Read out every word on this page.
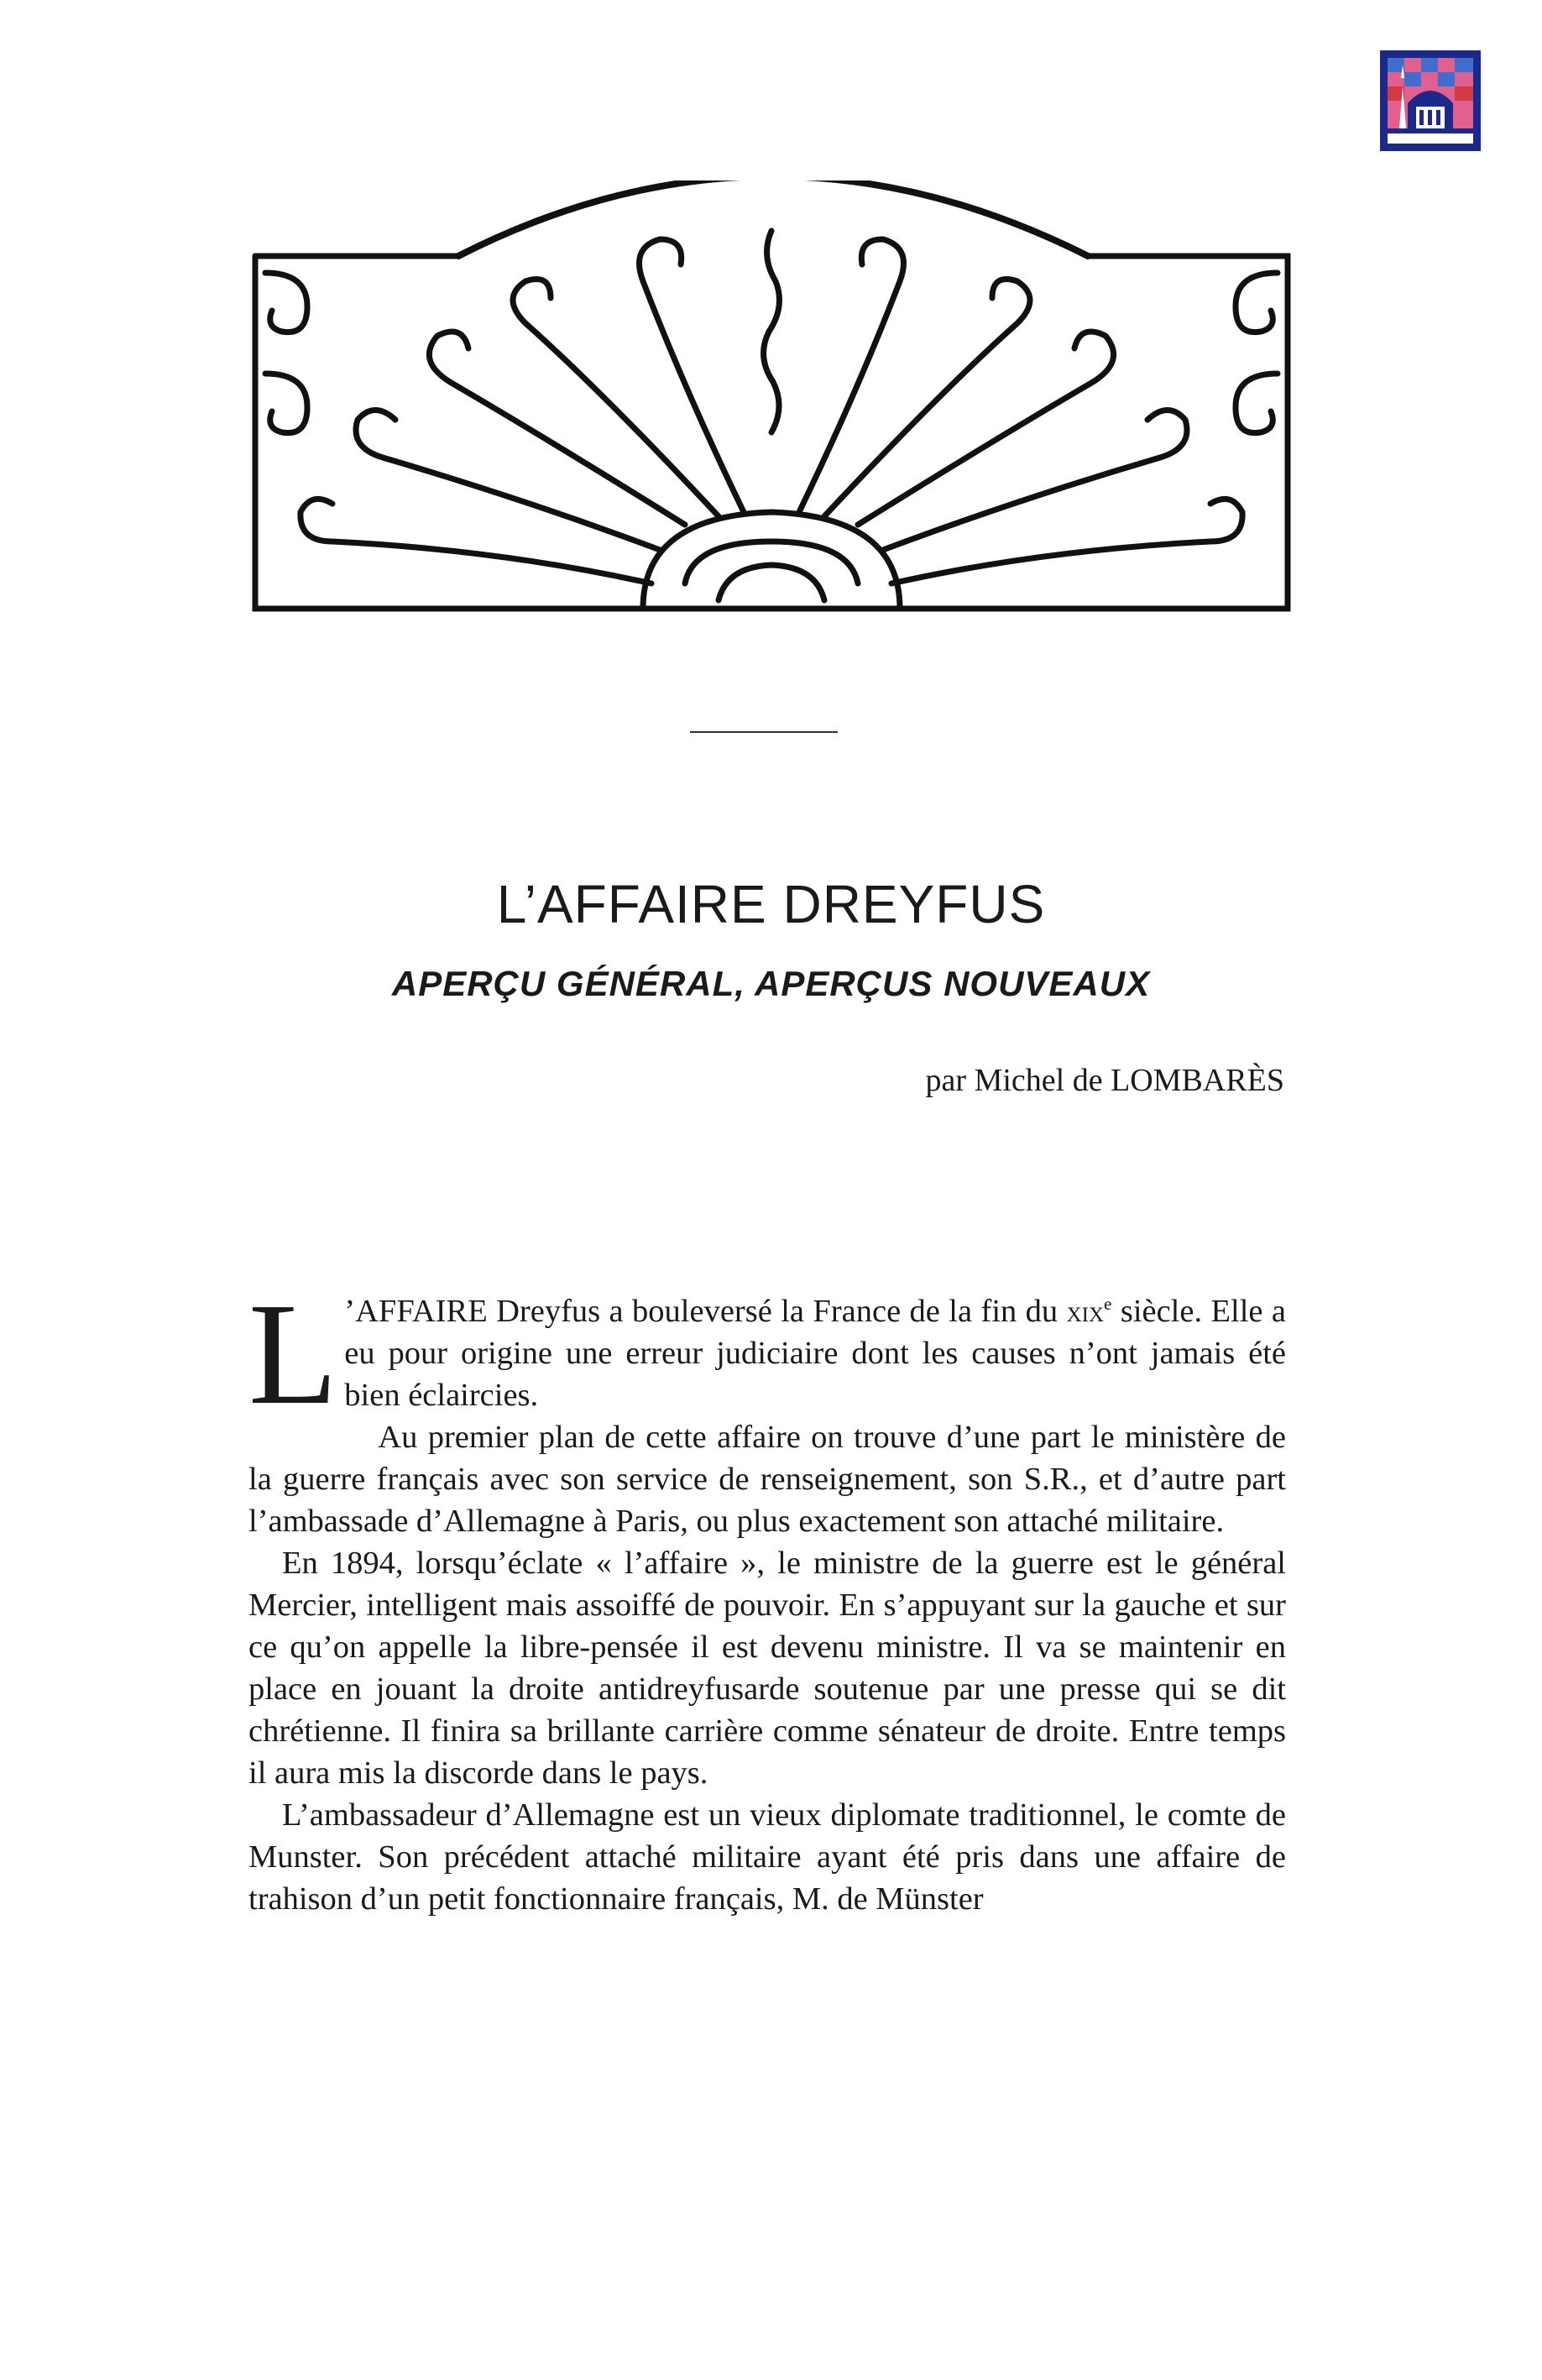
L’AFFAIRE DREYFUS
APERÇU GÉNÉRAL, APERÇUS NOUVEAUX

par Michel de LOMBARÈS

L ’AFFAIRE Dreyfus a bouleversé la France de la fin du xix$^e$ siècle. Elle a eu pour origine une erreur judiciaire dont les causes n’ont jamais été bien éclaircies.

Au premier plan de cette affaire on trouve d’une part le ministère de la guerre français avec son service de renseignement, son S.R., et d’autre part l’ambassade d’Allemagne à Paris, ou plus exactement son attaché militaire.

En 1894, lorsqu’éclate « l’affaire », le ministre de la guerre est le général Mercier, intelligent mais assoiffé de pouvoir. En s’appuyant sur la gauche et sur ce qu’on appelle la libre-pensée il est devenu ministre. Il va se maintenir en place en jouant la droite antidreyfusarde soutenue par une presse qui se dit chrétienne. Il finira sa brillante carrière comme sénateur de droite. Entre temps il aura mis la discorde dans le pays.

L’ambassadeur d’Allemagne est un vieux diplomate traditionnel, le comte de Munster. Son précédent attaché militaire ayant été pris dans une affaire de trahison d’un petit fonctionnaire français, M. de Münster
